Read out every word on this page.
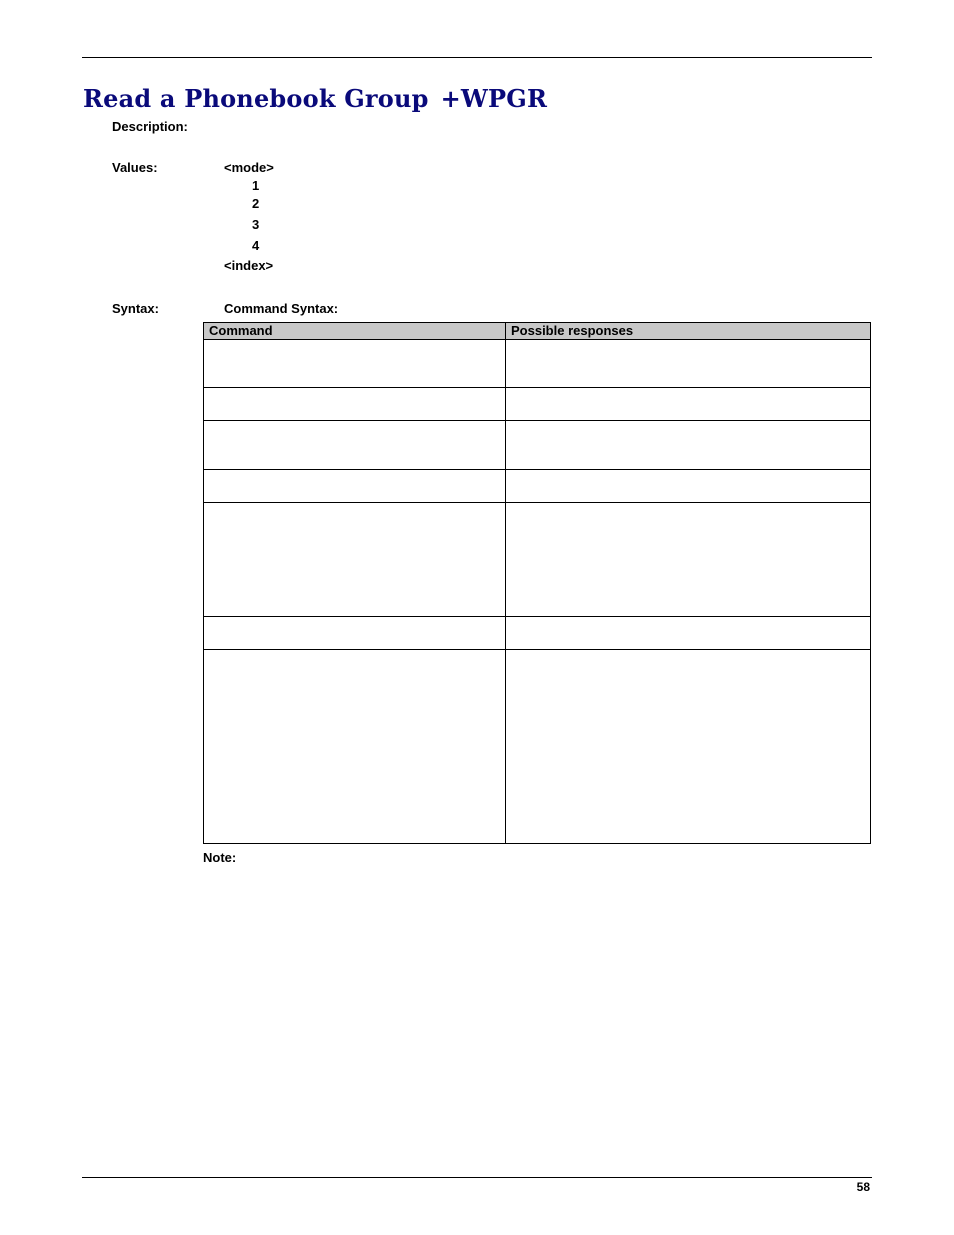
Read a Phonebook Group +WPGR
Description:
Values:	<mode>
1
2
3
4
<index>
Syntax:	Command Syntax:
Command	Possible responses

Note:
58
